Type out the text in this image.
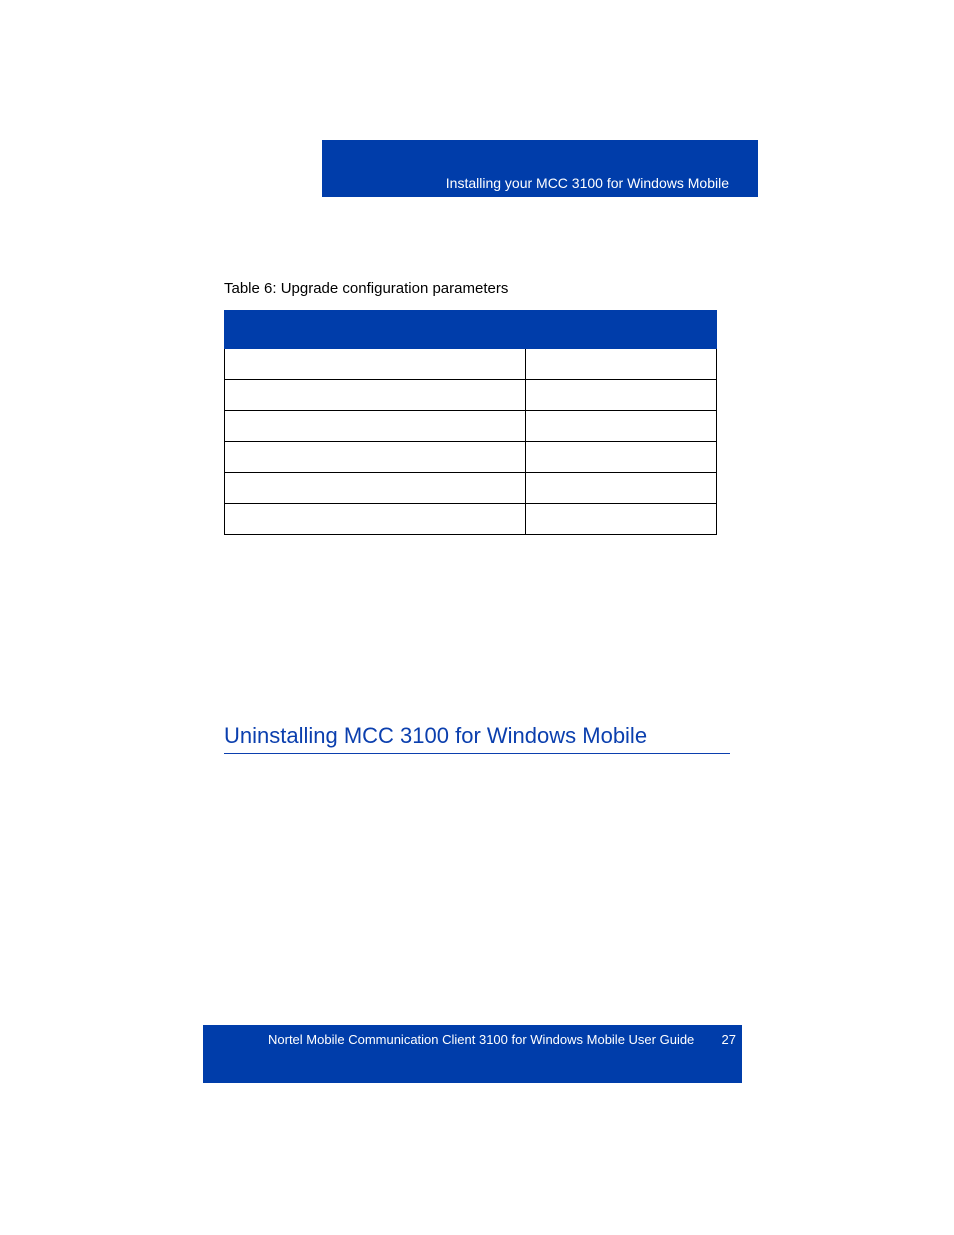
Installing your MCC 3100 for Windows Mobile
Table 6: Upgrade configuration parameters

Uninstalling MCC 3100 for Windows Mobile
Nortel Mobile Communication Client 3100 for Windows Mobile User Guide 27
